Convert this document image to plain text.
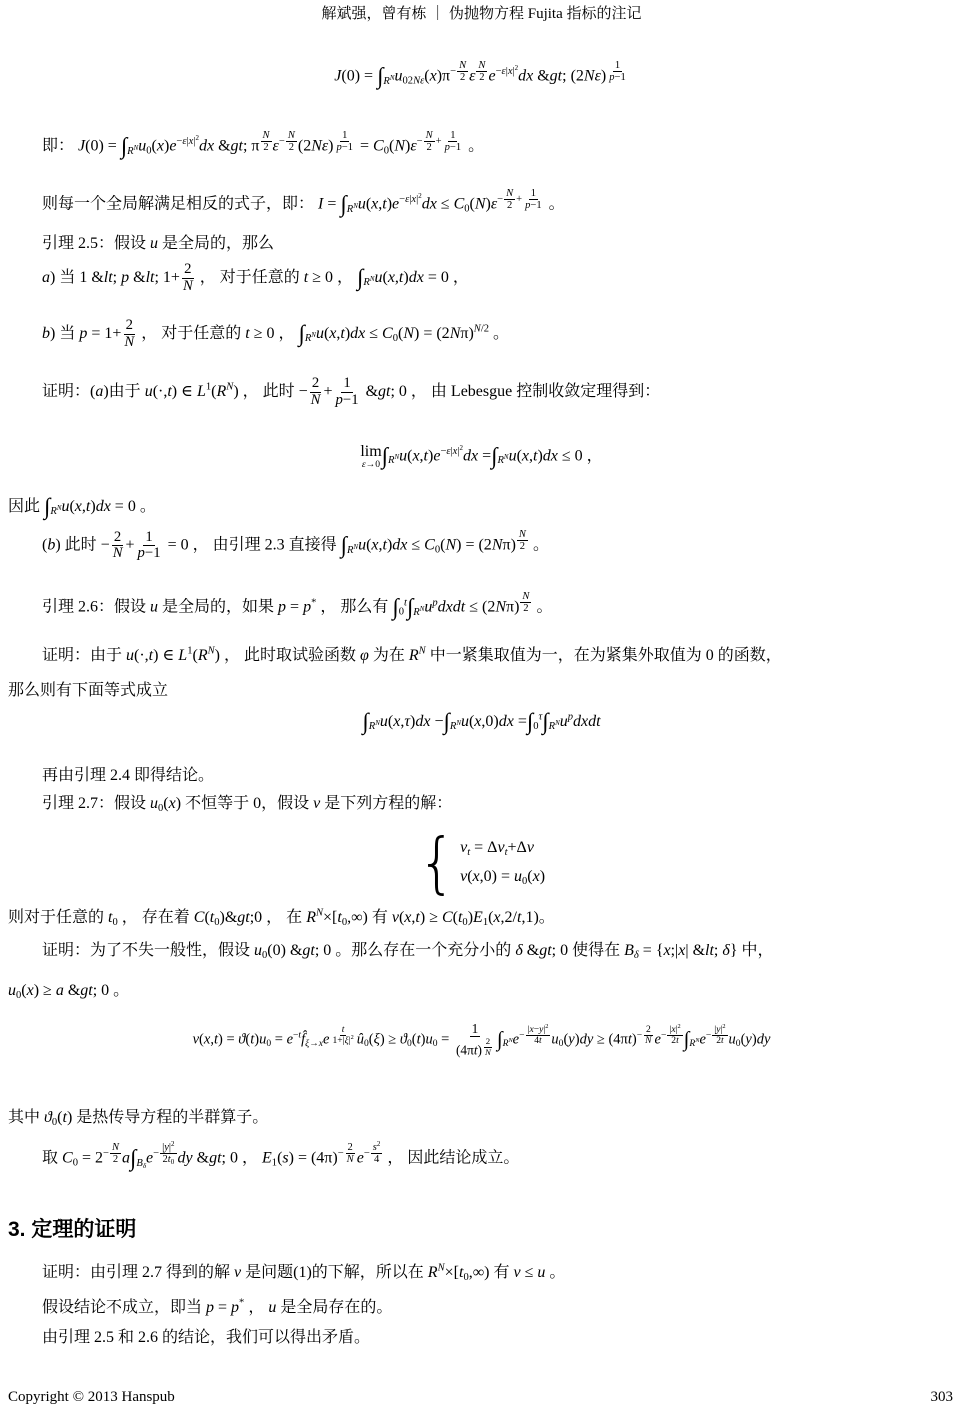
解斌强，曾有栋 ｜ 伪抛物方程 Fujita 指标的注记
$J(0) = \int_{R^N}u_{02N\varepsilon}(x)\pi^{- \frac{N}{2}}$ ε $^{\frac{N}{2}}$ $e^{-\varepsilon|x|^2}dx$ &gt; (2Nε) $^{\frac{1}{p-1}}$
即： $J(0) = \int_{R^N}u_0(x)e^{-\varepsilon|x|^2}dx$ &gt; π $^{\frac{N}{2}}$ $\varepsilon^{- \frac{N}{2}}$ (2Nε) $^{\frac{1}{p-1}} = C_0(N)\varepsilon^{- \frac{N}{2} + \frac{1}{p-1}}$ 。
则每一个全局解满足相反的式子，即： $I = \int_{R^N}u(x,t)e^{-\varepsilon|x|^2}dx \le C_0(N)\varepsilon^{- \frac{N}{2} + \frac{1}{p-1}}$ 。
引理 2.5：假设 u 是全局的，那么
a) 当 1 &lt; p &lt; $1+ \frac{2}{N}$ ， 对于任意的 t ≥ 0 ， $\int_{R^N}u(x,t)dx = 0$ ，
b) 当 $p = 1+ \frac{2}{N}$ ， 对于任意的 t ≥ 0 ， $\int_{R^N}u(x,t)dx \le C_0(N) = (2N\pi)^{N/2}$ 。
证明：(a)由于 u(·,t) ∈ $L^1(R^N)$ ， 此时 − $\frac{2}{N} + \frac{1}{p-1}$ &gt; 0 ， 由 Lebesgue 控制收敛定理得到：
lim
ε→0 $\int_{R^N}u(x,t)e^{-\varepsilon|x|^2}dx =\int_{R^N}u(x,t)dx \le 0$ ，
因此 $\int_{R^N}u(x,t)dx = 0$ 。
(b) 此时 − $\frac{2}{N} + \frac{1}{p-1} = 0$ ， 由引理 2.3 直接得 $\int_{R^N}u(x,t)dx \le C_0(N) = (2N\pi)$ $^{\frac{N}{2}}$ 。
引理 2.6：假设 u 是全局的，如果 p = p* ， 那么有 $\int_0^t\int_{R^N}u^pdxdt \le (2N\pi)$ $^{\frac{N}{2}}$ 。
证明：由于 u(·,t) ∈ $L^1(R^N)$ ， 此时取试验函数 φ 为在 $R^N$ 中一紧集取值为一，在为紧集外取值为 0 的函数，
那么则有下面等式成立
$\int_{R^N}u(x,\tau)dx -\int_{R^N}u(x,0)dx$ $=\int_0^\tau\int_{R^N}u^pdxdt$
再由引理 2.4 即得结论。
引理 2.7：假设 $u_0(x)$ 不恒等于 0，假设 v 是下列方程的解：
{ $v_t = \Delta v_t+\Delta v$
$v(x,0) = u_0(x)$
则对于任意的 $t_0$ ， 存在着 $C(t_0)\&gt;0$ ， 在 $R^N\times[t_0,\infty)$ 有 $v(x,t) \ge C(t_0)E_1(x,2/t,1)$。
证明：为了不失一般性，假设 $u_0(0)$ &gt; 0 。那么存在一个充分小的 δ &gt; 0 使得在 $B_\delta$ = {x;|x| &lt; δ} 中，
$u_0(x) \ge a$ &gt; 0 。
$v(x,t) = ϑ(t)u_0$ = $e^{-t}f̂_{\xi\to x}e$ $^{\frac{t}{1+|\xi|^2}}$ $û_0(\xi) \ge ϑ_0(t)u_0 = 1$
(4πt) $^{\frac{2}{N}}$ $\int_{R^N}e^{- \frac{|x-y|^2}{4t}}$ $u_0(y)dy \ge (4\pi t)^{- \frac{2}{N}}$ $e^{- \frac{|x|^2}{2t}}$ $\int_{R^N}e^{- \frac{|y|^2}{2t}}$ $u_0(y)dy$
其中 $ϑ_0(t)$ 是热传导方程的半群算子。
取 $C_0 = 2^{- \frac{N}{2}}$ $a\int_{B_\delta}e^{- \frac{|y|^2}{2t_0}}$ dy &gt; 0 ， $E_1(s) = (4\pi)^{- \frac{2}{N}}$ $e^{- \frac{s^2}{4}}$ ， 因此结论成立。
3. 定理的证明
证明：由引理 2.7 得到的解 v 是问题(1)的下解，所以在 $R^N\times[t_0,\infty)$ 有 v ≤ u 。
假设结论不成立，即当 p = p* ， u 是全局存在的。
由引理 2.5 和 2.6 的结论，我们可以得出矛盾。
Copyright © 2013 Hanspub	303
